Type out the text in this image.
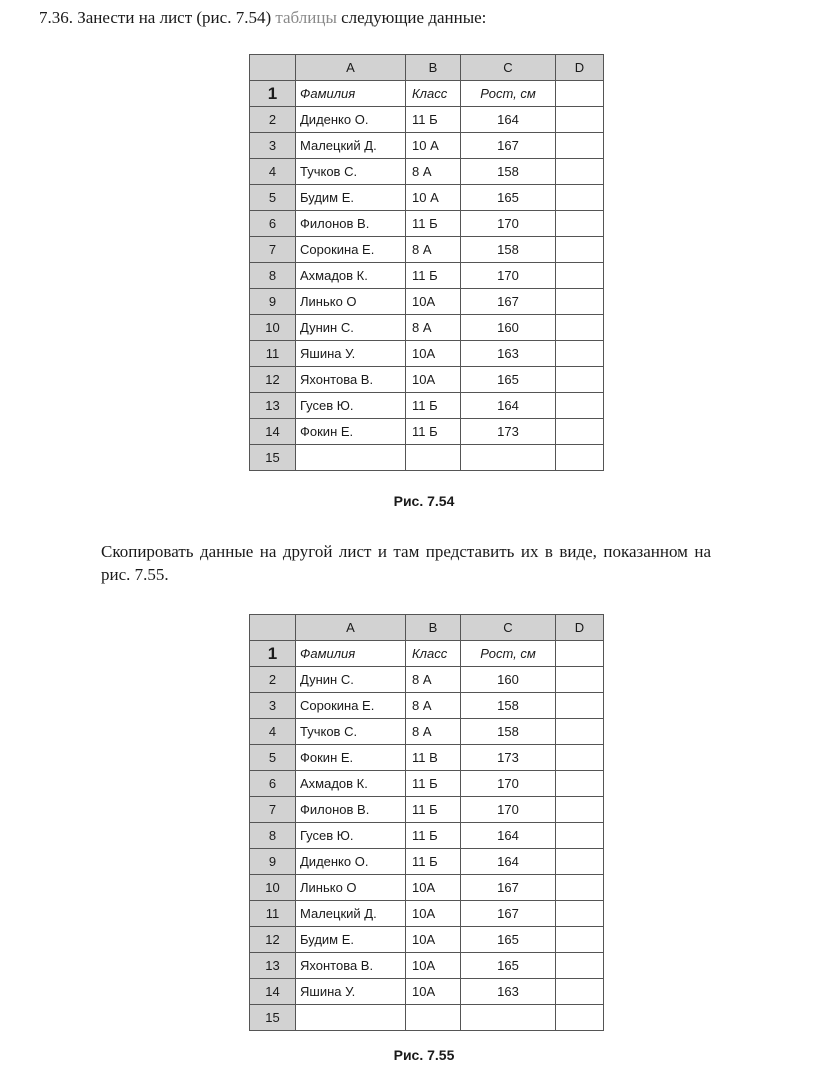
7.36. Занести на лист (рис. 7.54) таблицы следующие данные:

	A	B	C	D
1	Фамилия	Класс	Рост, см	
2	Диденко О.	11 Б	164	
3	Малецкий Д.	10 А	167	
4	Тучков С.	8 А	158	
5	Будим Е.	10 А	165	
6	Филонов В.	11 Б	170	
7	Сорокина Е.	8 А	158	
8	Ахмадов К.	11 Б	170	
9	Линько О	10А	167	
10	Дунин С.	8 А	160	
11	Яшина У.	10А	163	
12	Яхонтова В.	10А	165	
13	Гусев Ю.	11 Б	164	
14	Фокин Е.	11 Б	173	
15				
Рис. 7.54

Скопировать данные на другой лист и там представить их в виде, показанном на рис. 7.55.

	A	B	C	D
1	Фамилия	Класс	Рост, см	
2	Дунин С.	8 А	160	
3	Сорокина Е.	8 А	158	
4	Тучков С.	8 А	158	
5	Фокин Е.	11 В	173	
6	Ахмадов К.	11 Б	170	
7	Филонов В.	11 Б	170	
8	Гусев Ю.	11 Б	164	
9	Диденко О.	11 Б	164	
10	Линько О	10А	167	
11	Малецкий Д.	10А	167	
12	Будим Е.	10А	165	
13	Яхонтова В.	10А	165	
14	Яшина У.	10А	163	
15				
Рис. 7.55
